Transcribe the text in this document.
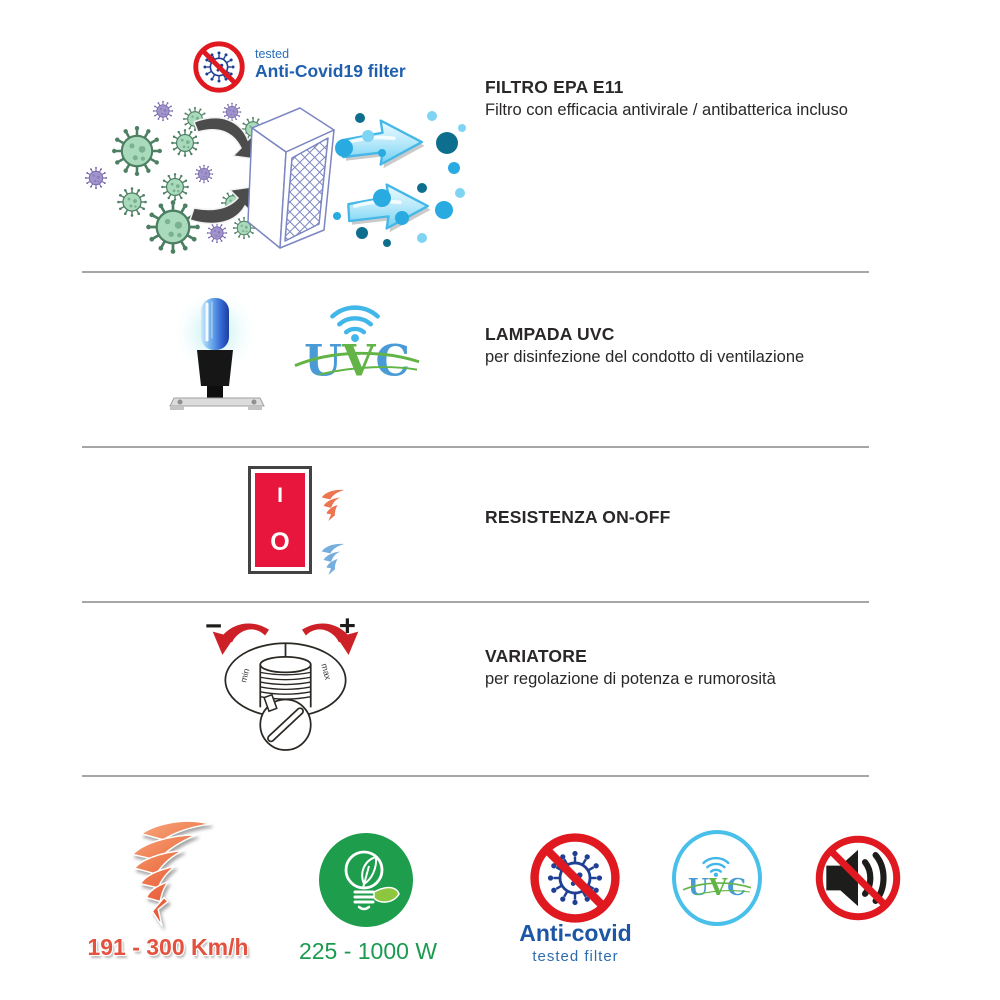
tested
Anti-Covid19 filter
FILTRO EPA E11
Filtro con efficacia antivirale / antibatterica incluso
LAMPADA UVC
per disinfezione del condotto di ventilazione
I
O
RESISTENZA ON-OFF
min	max
−	+
VARIATORE
per regolazione di potenza e rumorosità
191 - 300 Km/h	225 - 1000 W
Anti-covid
tested filter
